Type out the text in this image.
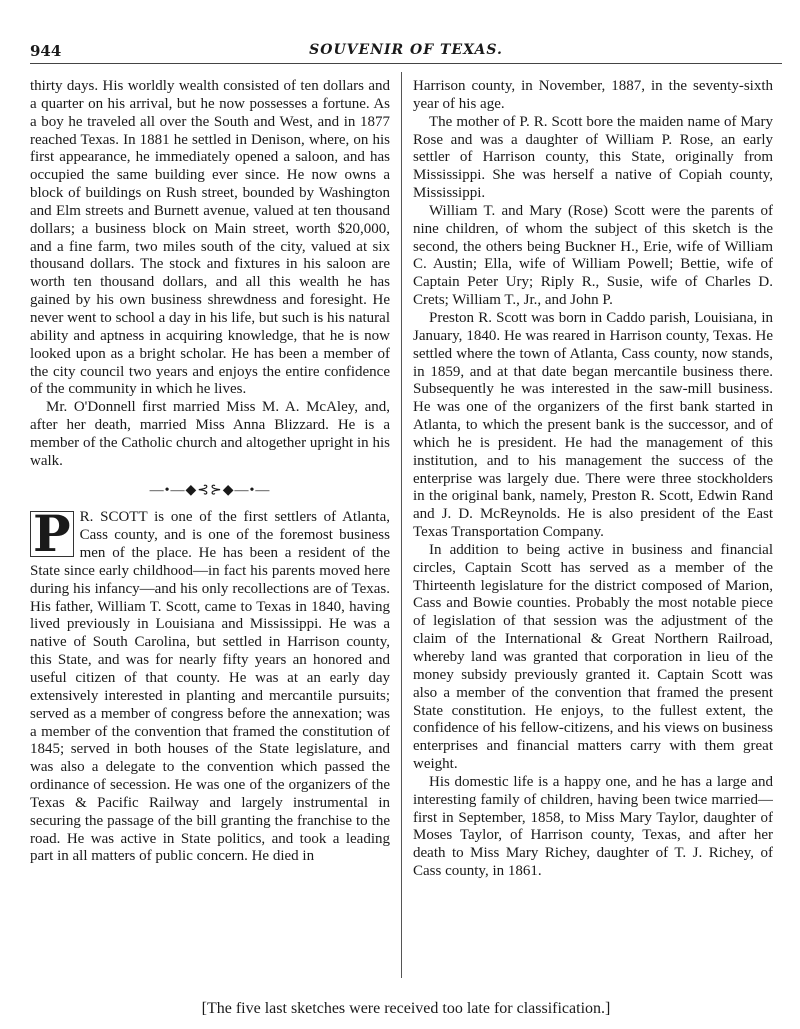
944	SOUVENIR OF TEXAS.

thirty days. His worldly wealth consisted of ten dollars and a quarter on his arrival, but he now possesses a fortune. As a boy he traveled all over the South and West, and in 1877 reached Texas. In 1881 he settled in Denison, where, on his first appearance, he immediately opened a saloon, and has occupied the same building ever since. He now owns a block of buildings on Rush street, bounded by Washington and Elm streets and Burnett avenue, valued at ten thousand dollars; a business block on Main street, worth $20,000, and a fine farm, two miles south of the city, valued at six thousand dollars. The stock and fixtures in his saloon are worth ten thousand dollars, and all this wealth he has gained by his own business shrewdness and foresight. He never went to school a day in his life, but such is his natural ability and aptness in acquiring knowledge, that he is now looked upon as a bright scholar. He has been a member of the city council two years and enjoys the entire confidence of the community in which he lives.

Mr. O'Donnell first married Miss M. A. McAley, and, after her death, married Miss Anna Blizzard. He is a member of the Catholic church and altogether upright in his walk.

—•—◆⊰⊱◆—•—

P R. SCOTT is one of the first settlers of Atlanta, Cass county, and is one of the foremost business men of the place. He has been a resident of the State since early childhood—in fact his parents moved here during his infancy—and his only recollections are of Texas. His father, William T. Scott, came to Texas in 1840, having lived previously in Louisiana and Mississippi. He was a native of South Carolina, but settled in Harrison county, this State, and was for nearly fifty years an honored and useful citizen of that county. He was at an early day extensively interested in planting and mercantile pursuits; served as a member of congress before the annexation; was a member of the convention that framed the constitution of 1845; served in both houses of the State legislature, and was also a delegate to the convention which passed the ordinance of secession. He was one of the organizers of the Texas & Pacific Railway and largely instrumental in securing the passage of the bill granting the franchise to the road. He was active in State politics, and took a leading part in all matters of public concern. He died in

Harrison county, in November, 1887, in the seventy-sixth year of his age.

The mother of P. R. Scott bore the maiden name of Mary Rose and was a daughter of William P. Rose, an early settler of Harrison county, this State, originally from Mississippi. She was herself a native of Copiah county, Mississippi.

William T. and Mary (Rose) Scott were the parents of nine children, of whom the subject of this sketch is the second, the others being Buckner H., Erie, wife of William C. Austin; Ella, wife of William Powell; Bettie, wife of Captain Peter Ury; Riply R., Susie, wife of Charles D. Crets; William T., Jr., and John P.

Preston R. Scott was born in Caddo parish, Louisiana, in January, 1840. He was reared in Harrison county, Texas. He settled where the town of Atlanta, Cass county, now stands, in 1859, and at that date began mercantile business there. Subsequently he was interested in the saw-mill business. He was one of the organizers of the first bank started in Atlanta, to which the present bank is the successor, and of which he is president. He had the management of this institution, and to his management the success of the enterprise was largely due. There were three stockholders in the original bank, namely, Preston R. Scott, Edwin Rand and J. D. McReynolds. He is also president of the East Texas Transportation Company.

In addition to being active in business and financial circles, Captain Scott has served as a member of the Thirteenth legislature for the district composed of Marion, Cass and Bowie counties. Probably the most notable piece of legislation of that session was the adjustment of the claim of the International & Great Northern Railroad, whereby land was granted that corporation in lieu of the money subsidy previously granted it. Captain Scott was also a member of the convention that framed the present State constitution. He enjoys, to the fullest extent, the confidence of his fellow-citizens, and his views on business enterprises and financial matters carry with them great weight.

His domestic life is a happy one, and he has a large and interesting family of children, having been twice married—first in September, 1858, to Miss Mary Taylor, daughter of Moses Taylor, of Harrison county, Texas, and after her death to Miss Mary Richey, daughter of T. J. Richey, of Cass county, in 1861.

[The five last sketches were received too late for classification.]
